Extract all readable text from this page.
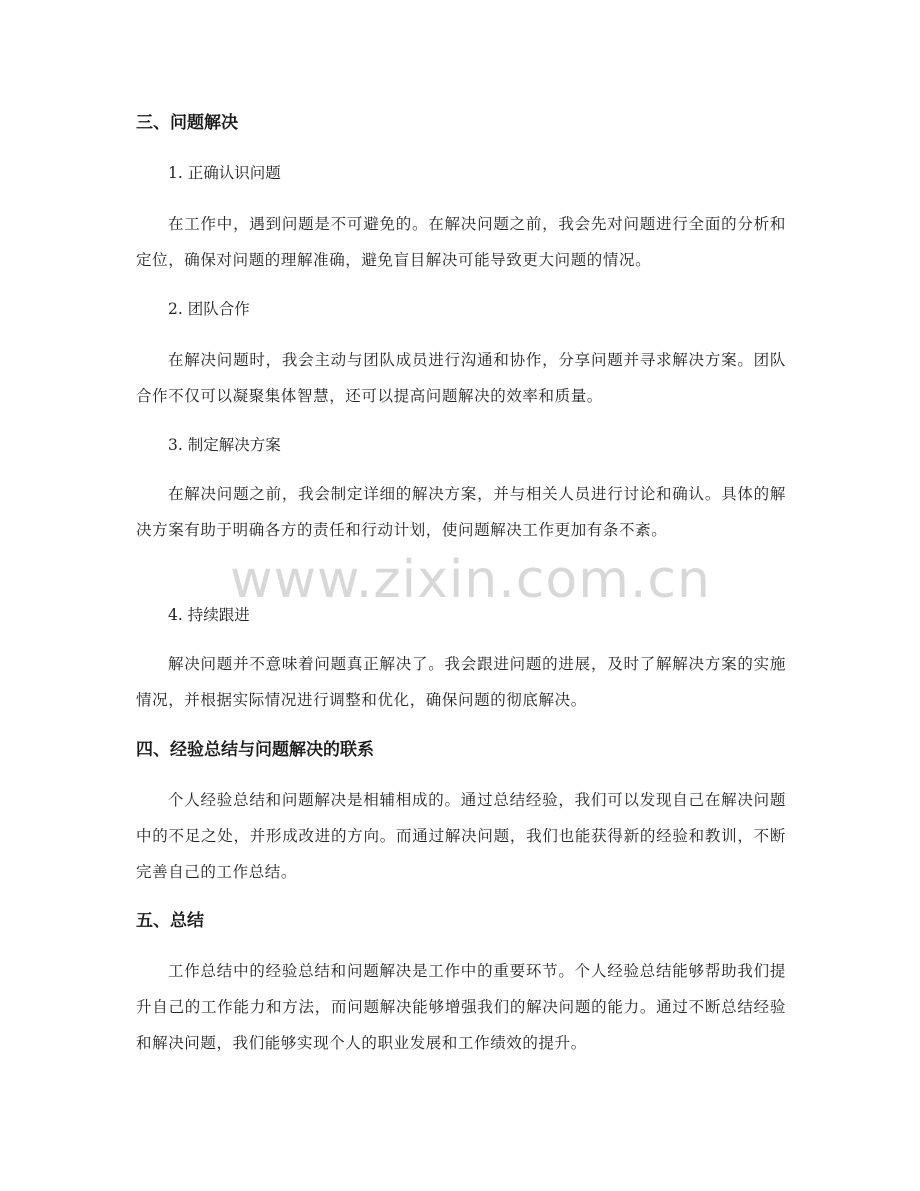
三、问题解决
1. 正确认识问题
在工作中，遇到问题是不可避免的。在解决问题之前，我会先对问题进行全面的分析和定位，确保对问题的理解准确，避免盲目解决可能导致更大问题的情况。
2. 团队合作
在解决问题时，我会主动与团队成员进行沟通和协作，分享问题并寻求解决方案。团队合作不仅可以凝聚集体智慧，还可以提高问题解决的效率和质量。
3. 制定解决方案
在解决问题之前，我会制定详细的解决方案，并与相关人员进行讨论和确认。具体的解决方案有助于明确各方的责任和行动计划，使问题解决工作更加有条不紊。
4. 持续跟进
解决问题并不意味着问题真正解决了。我会跟进问题的进展，及时了解解决方案的实施情况，并根据实际情况进行调整和优化，确保问题的彻底解决。
四、经验总结与问题解决的联系
个人经验总结和问题解决是相辅相成的。通过总结经验，我们可以发现自己在解决问题中的不足之处，并形成改进的方向。而通过解决问题，我们也能获得新的经验和教训，不断完善自己的工作总结。
五、总结
工作总结中的经验总结和问题解决是工作中的重要环节。个人经验总结能够帮助我们提升自己的工作能力和方法，而问题解决能够增强我们的解决问题的能力。通过不断总结经验和解决问题，我们能够实现个人的职业发展和工作绩效的提升。
www.zixin.com.cn
